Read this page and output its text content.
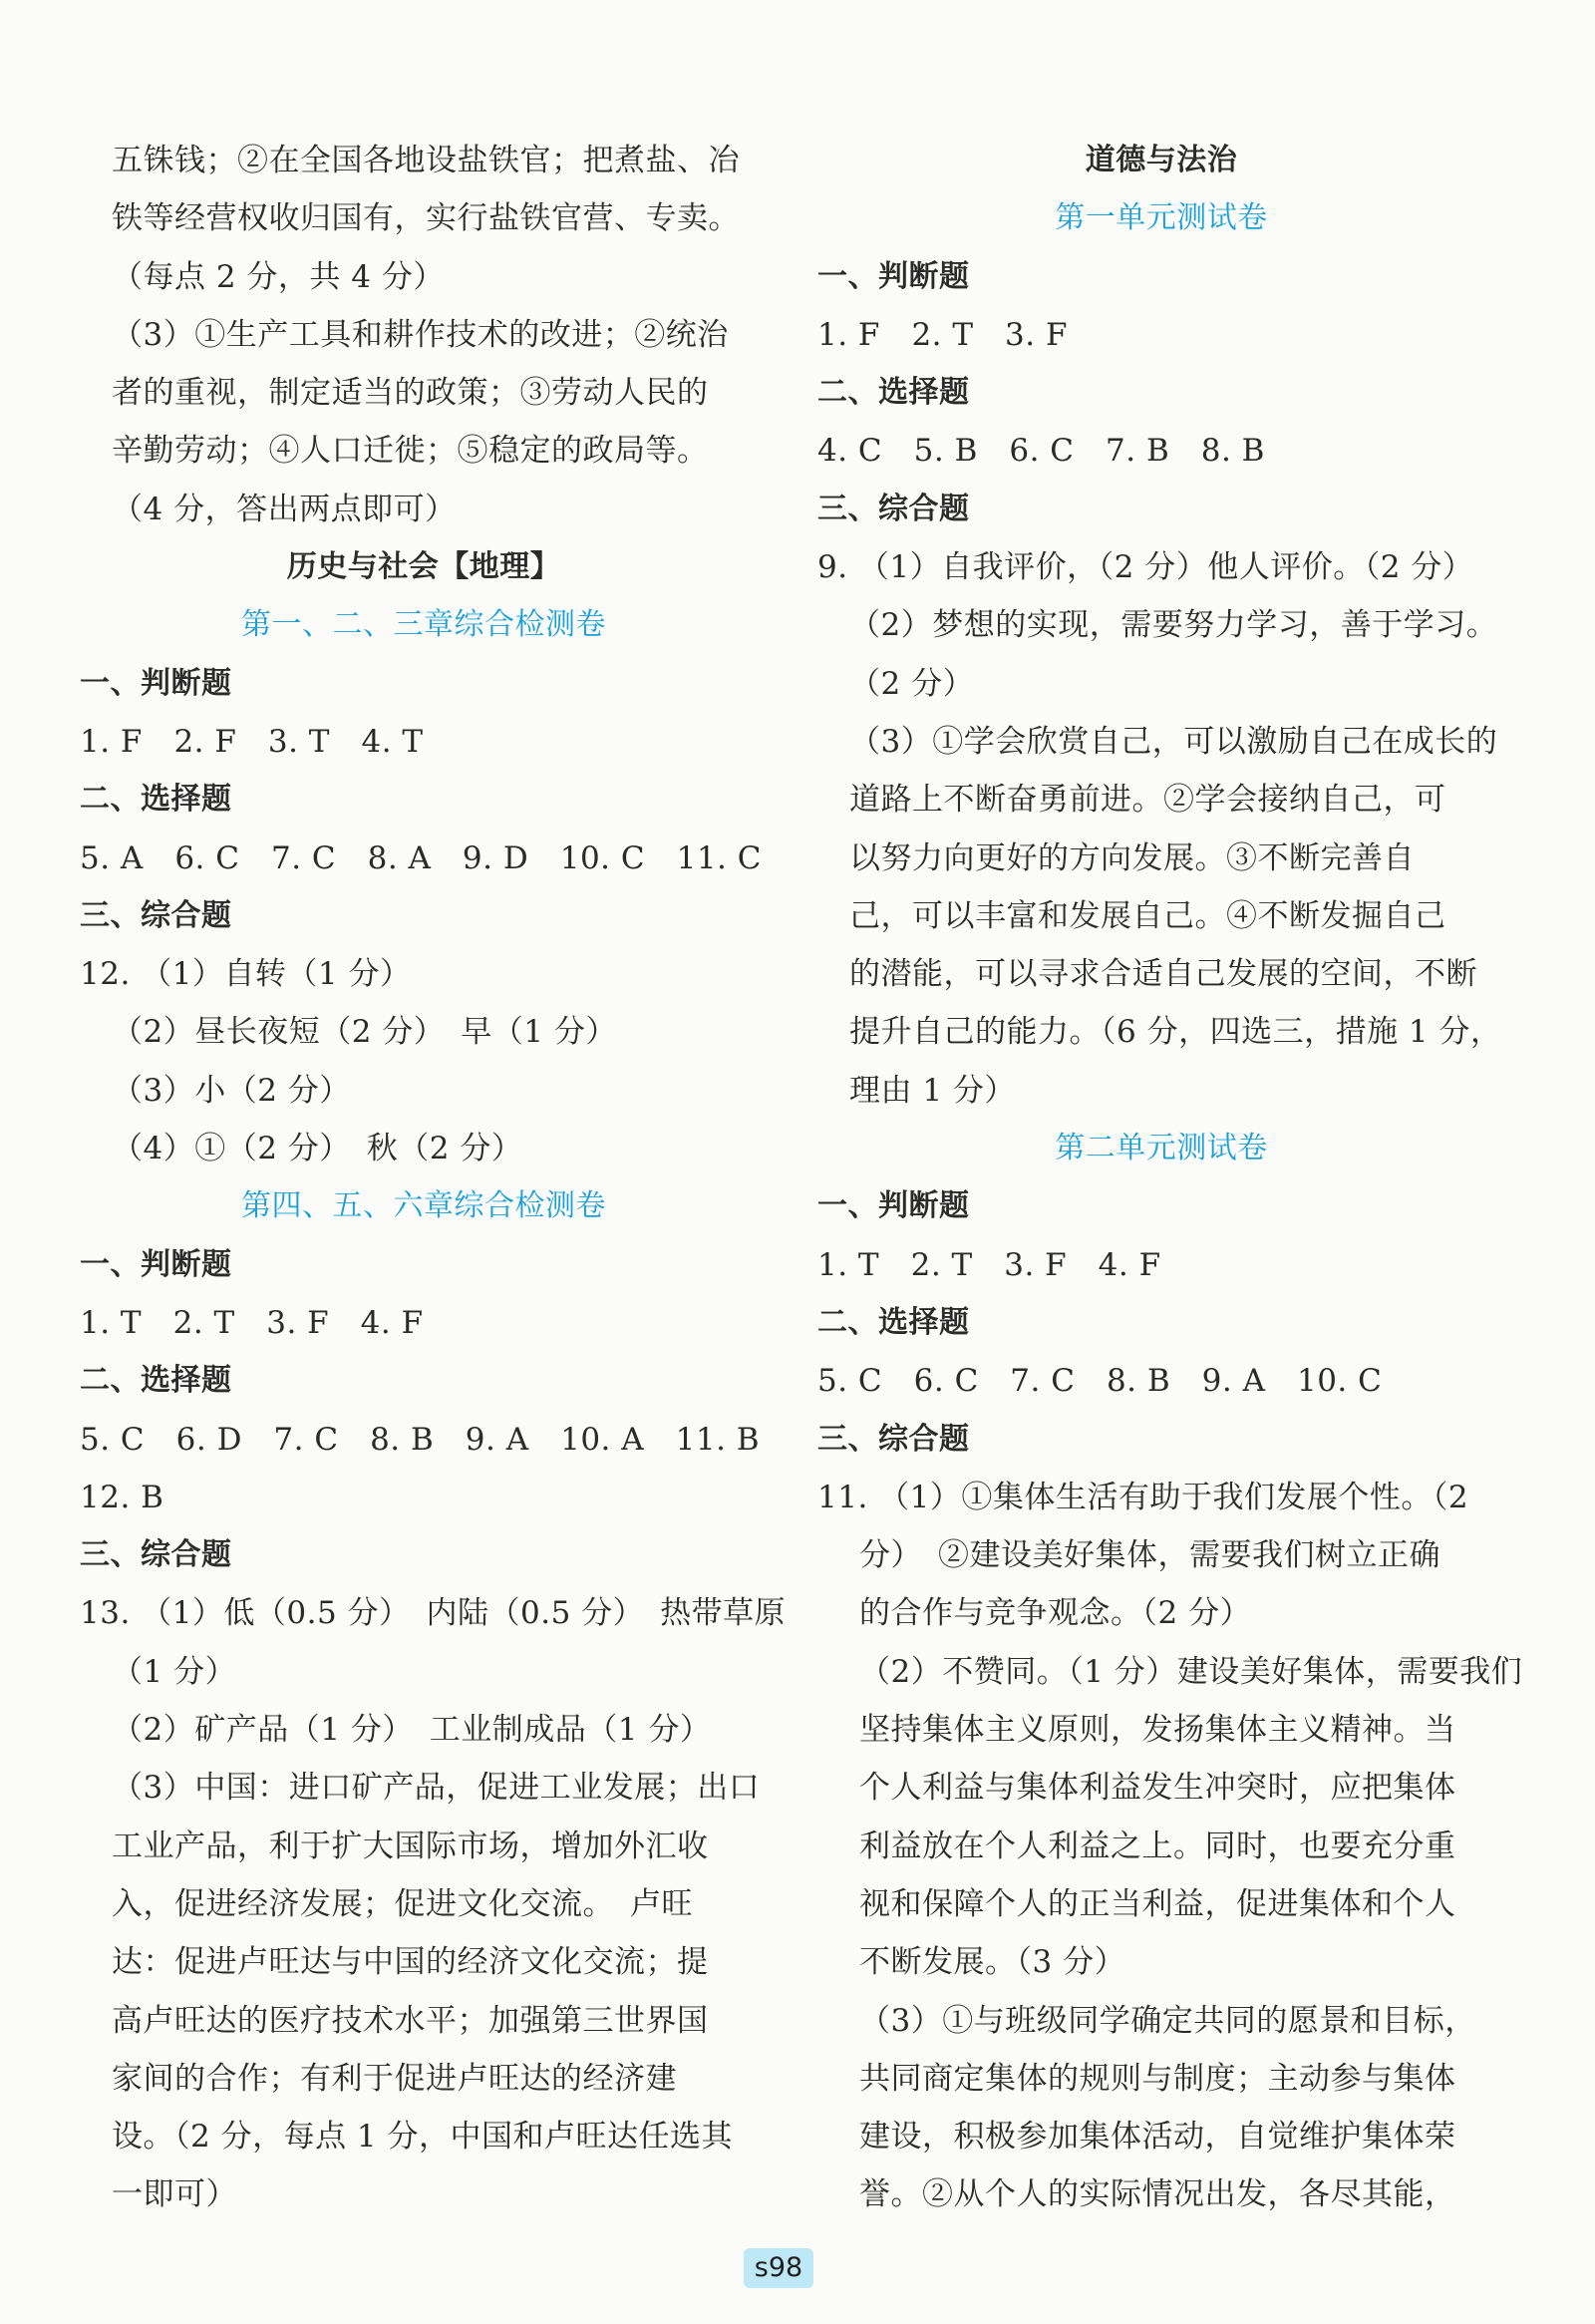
五铢钱；②在全国各地设盐铁官；把煮盐、冶
铁等经营权收归国有，实行盐铁官营、专卖。
（每点 2 分，共 4 分）
（3）①生产工具和耕作技术的改进；②统治
者的重视，制定适当的政策；③劳动人民的
辛勤劳动；④人口迁徙；⑤稳定的政局等。
（4 分，答出两点即可）
历史与社会【地理】
第一、二、三章综合检测卷
一、判断题
1. F　2. F　3. T　4. T
二、选择题
5. A　6. C　7. C　8. A　9. D　10. C　11. C
三、综合题
12. （1）自转（1 分）
（2）昼长夜短（2 分）　早（1 分）
（3）小（2 分）
（4）①（2 分）　秋（2 分）
第四、五、六章综合检测卷
一、判断题
1. T　2. T　3. F　4. F
二、选择题
5. C　6. D　7. C　8. B　9. A　10. A　11. B
12. B
三、综合题
13. （1）低（0.5 分）　内陆（0.5 分）　热带草原
（1 分）
（2）矿产品（1 分）　工业制成品（1 分）
（3）中国：进口矿产品，促进工业发展；出口
工业产品，利于扩大国际市场，增加外汇收
入，促进经济发展；促进文化交流。　卢旺
达：促进卢旺达与中国的经济文化交流；提
高卢旺达的医疗技术水平；加强第三世界国
家间的合作；有利于促进卢旺达的经济建
设。（2 分，每点 1 分，中国和卢旺达任选其
一即可）
道德与法治
第一单元测试卷
一、判断题
1. F　2. T　3. F
二、选择题
4. C　5. B　6. C　7. B　8. B
三、综合题
9. （1）自我评价，（2 分）他人评价。（2 分）
（2）梦想的实现，需要努力学习，善于学习。
（2 分）
（3）①学会欣赏自己，可以激励自己在成长的
道路上不断奋勇前进。②学会接纳自己，可
以努力向更好的方向发展。③不断完善自
己，可以丰富和发展自己。④不断发掘自己
的潜能，可以寻求合适自己发展的空间，不断
提升自己的能力。（6 分，四选三，措施 1 分，
理由 1 分）
第二单元测试卷
一、判断题
1. T　2. T　3. F　4. F
二、选择题
5. C　6. C　7. C　8. B　9. A　10. C
三、综合题
11. （1）①集体生活有助于我们发展个性。（2
分）　②建设美好集体，需要我们树立正确
的合作与竞争观念。（2 分）
（2）不赞同。（1 分）建设美好集体，需要我们
坚持集体主义原则，发扬集体主义精神。当
个人利益与集体利益发生冲突时，应把集体
利益放在个人利益之上。同时，也要充分重
视和保障个人的正当利益，促进集体和个人
不断发展。（3 分）
（3）①与班级同学确定共同的愿景和目标，
共同商定集体的规则与制度；主动参与集体
建设，积极参加集体活动，自觉维护集体荣
誉。②从个人的实际情况出发，各尽其能，
s98
